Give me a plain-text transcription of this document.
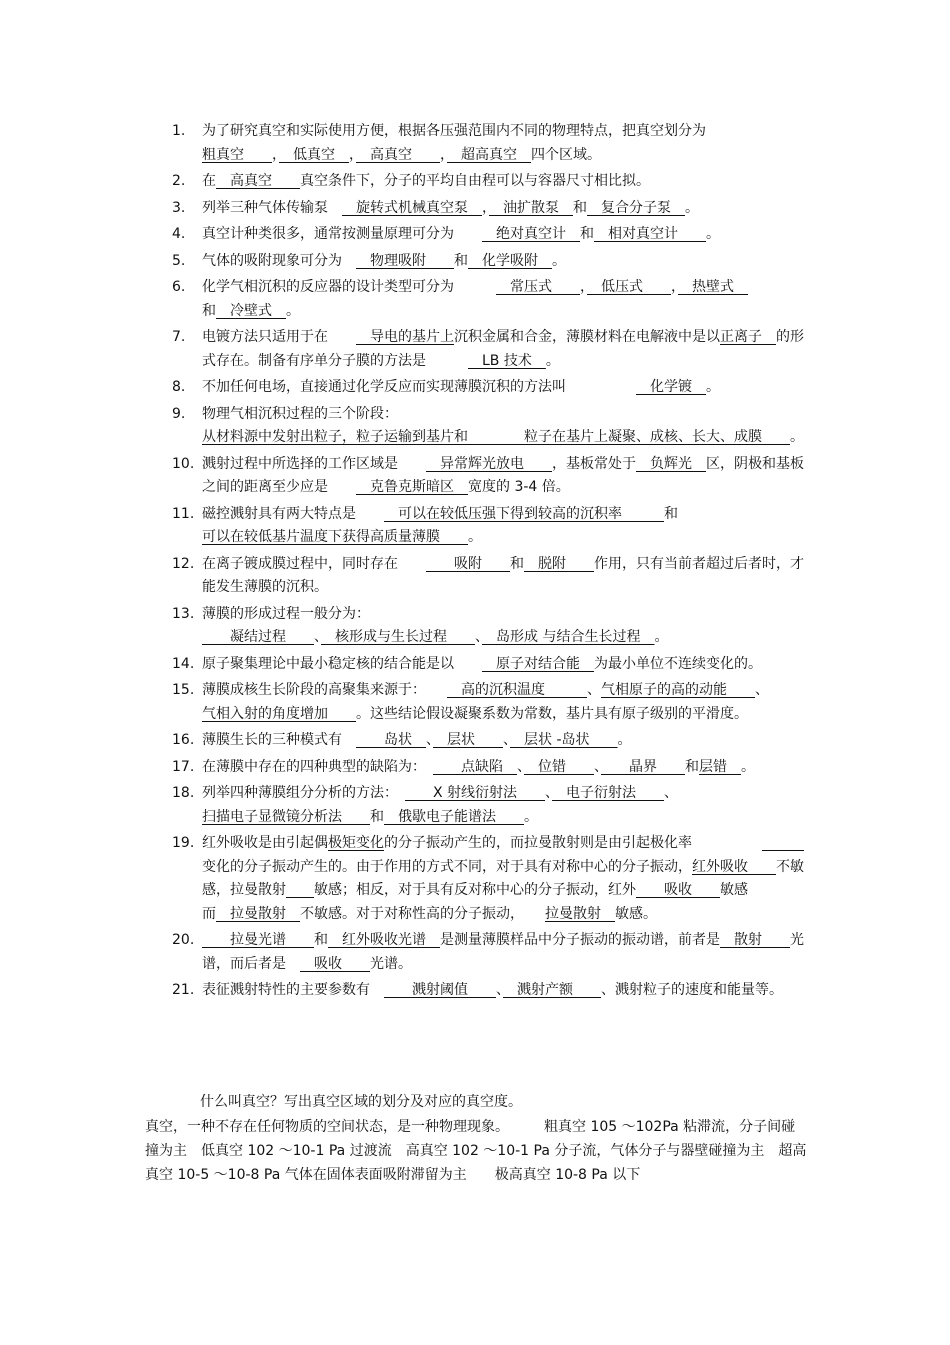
1. 为了研究真空和实际使用方便，根据各压强范围内不同的物理特点，把真空划分为粗真空　　，　低真空　，　高真空　　，　超高真空　四个区域。
2. 在　高真空　　真空条件下，分子的平均自由程可以与容器尺寸相比拟。
3. 列举三种气体传输泵　　旋转式机械真空泵　，　油扩散泵　和　复合分子泵　。
4. 真空计种类很多，通常按测量原理可分为　　　绝对真空计　和　相对真空计　　。
5. 气体的吸附现象可分为　　物理吸附　　和　化学吸附　。
6. 化学气相沉积的反应器的设计类型可分为　　　　常压式　　，　低压式　　，　热壁式　和　冷壁式　。
7. 电镀方法只适用于在　　　导电的基片上沉积金属和合金，薄膜材料在电解液中是以正离子　的形式存在。制备有序单分子膜的方法是　　　　LB 技术　。
8. 不加任何电场，直接通过化学反应而实现薄膜沉积的方法叫　　　　　　化学镀　。
9. 物理气相沉积过程的三个阶段：从材料源中发射出粒子，粒子运输到基片和　　　　粒子在基片上凝聚、成核、长大、成膜　　。
10. 溅射过程中所选择的工作区域是　　　异常辉光放电　　，基板常处于　负辉光　区，阴极和基板之间的距离至少应是　　　克鲁克斯暗区　宽度的 3-4 倍。
11. 磁控溅射具有两大特点是　　　可以在较低压强下得到较高的沉积率　　　和可以在较低基片温度下获得高质量薄膜　　。
12. 在离子镀成膜过程中，同时存在　　　　吸附　　和　脱附　　作用，只有当前者超过后者时，才能发生薄膜的沉积。
13. 薄膜的形成过程一般分为：　　　凝结过程　　、　核形成与生长过程　　、　岛形成 与结合生长过程　。
14. 原子聚集理论中最小稳定核的结合能是以　　　原子对结合能　为最小单位不连续变化的。
15. 薄膜成核生长阶段的高聚集来源于：　　　高的沉积温度　　　、气相原子的高的动能　　、气相入射的角度增加　　。这些结论假设凝聚系数为常数，基片具有原子级别的平滑度。
16. 薄膜生长的三种模式有　　　岛状　、　层状　　、　层状 -岛状　　。
17. 在薄膜中存在的四种典型的缺陷为：　　　点缺陷　、　位错　　、　　晶界　　和层错　。
18. 列举四种薄膜组分分析的方法：　　　X 射线衍射法　　、　电子衍射法　　、扫描电子显微镜分析法　　和　俄歇电子能谱法　　。
19. 红外吸收是由引起偶极矩变化的分子振动产生的，而拉曼散射则是由引起极化率　　　　　　　　变化的分子振动产生的。由于作用的方式不同，对于具有对称中心的分子振动，红外吸收　　不敏感，拉曼散射　　 敏感；相反，对于具有反对称中心的分子振动，红外　　 吸收　　敏感而　拉曼散射　不敏感。对于对称性高的分子振动，　　拉曼散射　敏感。
20. 　　拉曼光谱　　和　红外吸收光谱　是测量薄膜样品中分子振动的振动谱，前者是　散射　　光谱，而后者是　　吸收　　光谱。
21. 表征溅射特性的主要参数有　　　溅射阈值　　、　溅射产额　　、溅射粒子的速度和能量等。
什么叫真空？写出真空区域的划分及对应的真空度。
真空，一种不存在任何物质的空间状态，是一种物理现象。　　　粗真空 105 ～102Pa 粘滞流，分子间碰撞为主　低真空 102 ～10-1 Pa 过渡流　高真空 102 ～10-1 Pa 分子流，气体分子与器壁碰撞为主　超高真空 10-5 ～10-8 Pa 气体在固体表面吸附滞留为主　　极高真空 10-8 Pa 以下
